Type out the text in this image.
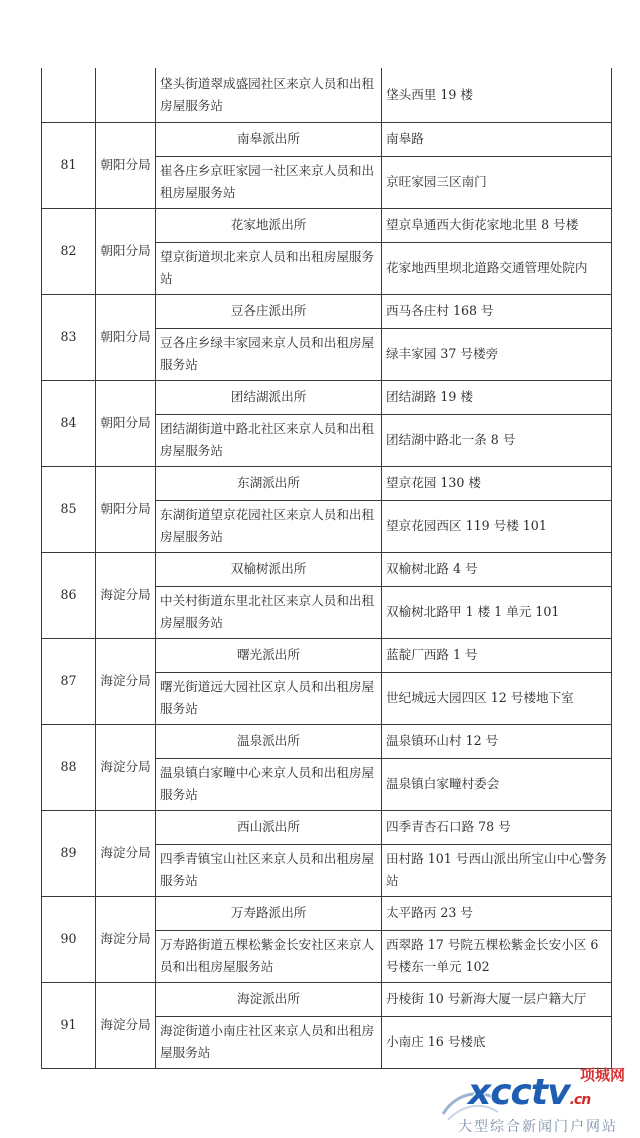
		垡头街道翠成盛园社区来京人员和出租房屋服务站	垡头西里 19 楼
81	朝阳分局	南皋派出所	南皋路
		崔各庄乡京旺家园一社区来京人员和出租房屋服务站	京旺家园三区南门
82	朝阳分局	花家地派出所	望京阜通西大街花家地北里 8 号楼
		望京街道坝北来京人员和出租房屋服务站	花家地西里坝北道路交通管理处院内
83	朝阳分局	豆各庄派出所	西马各庄村 168 号
		豆各庄乡绿丰家园来京人员和出租房屋服务站	绿丰家园 37 号楼旁
84	朝阳分局	团结湖派出所	团结湖路 19 楼
		团结湖街道中路北社区来京人员和出租房屋服务站	团结湖中路北一条 8 号
85	朝阳分局	东湖派出所	望京花园 130 楼
		东湖街道望京花园社区来京人员和出租房屋服务站	望京花园西区 119 号楼 101
86	海淀分局	双榆树派出所	双榆树北路 4 号
		中关村街道东里北社区来京人员和出租房屋服务站	双榆树北路甲 1 楼 1 单元 101
87	海淀分局	曙光派出所	蓝靛厂西路 1 号
		曙光街道远大园社区京人员和出租房屋服务站	世纪城远大园四区 12 号楼地下室
88	海淀分局	温泉派出所	温泉镇环山村 12 号
		温泉镇白家疃中心来京人员和出租房屋服务站	温泉镇白家疃村委会
89	海淀分局	西山派出所	四季青杏石口路 78 号
		四季青镇宝山社区来京人员和出租房屋服务站	田村路 101 号西山派出所宝山中心警务站
90	海淀分局	万寿路派出所	太平路丙 23 号
		万寿路街道五棵松紫金长安社区来京人员和出租房屋服务站	西翠路 17 号院五棵松紫金长安小区 6 号楼东一单元 102
91	海淀分局	海淀派出所	丹棱街 10 号新海大厦一层户籍大厅
		海淀街道小南庄社区来京人员和出租房屋服务站	小南庄 16 号楼底
xcctv.cn
项城网
大型综合新闻门户网站
